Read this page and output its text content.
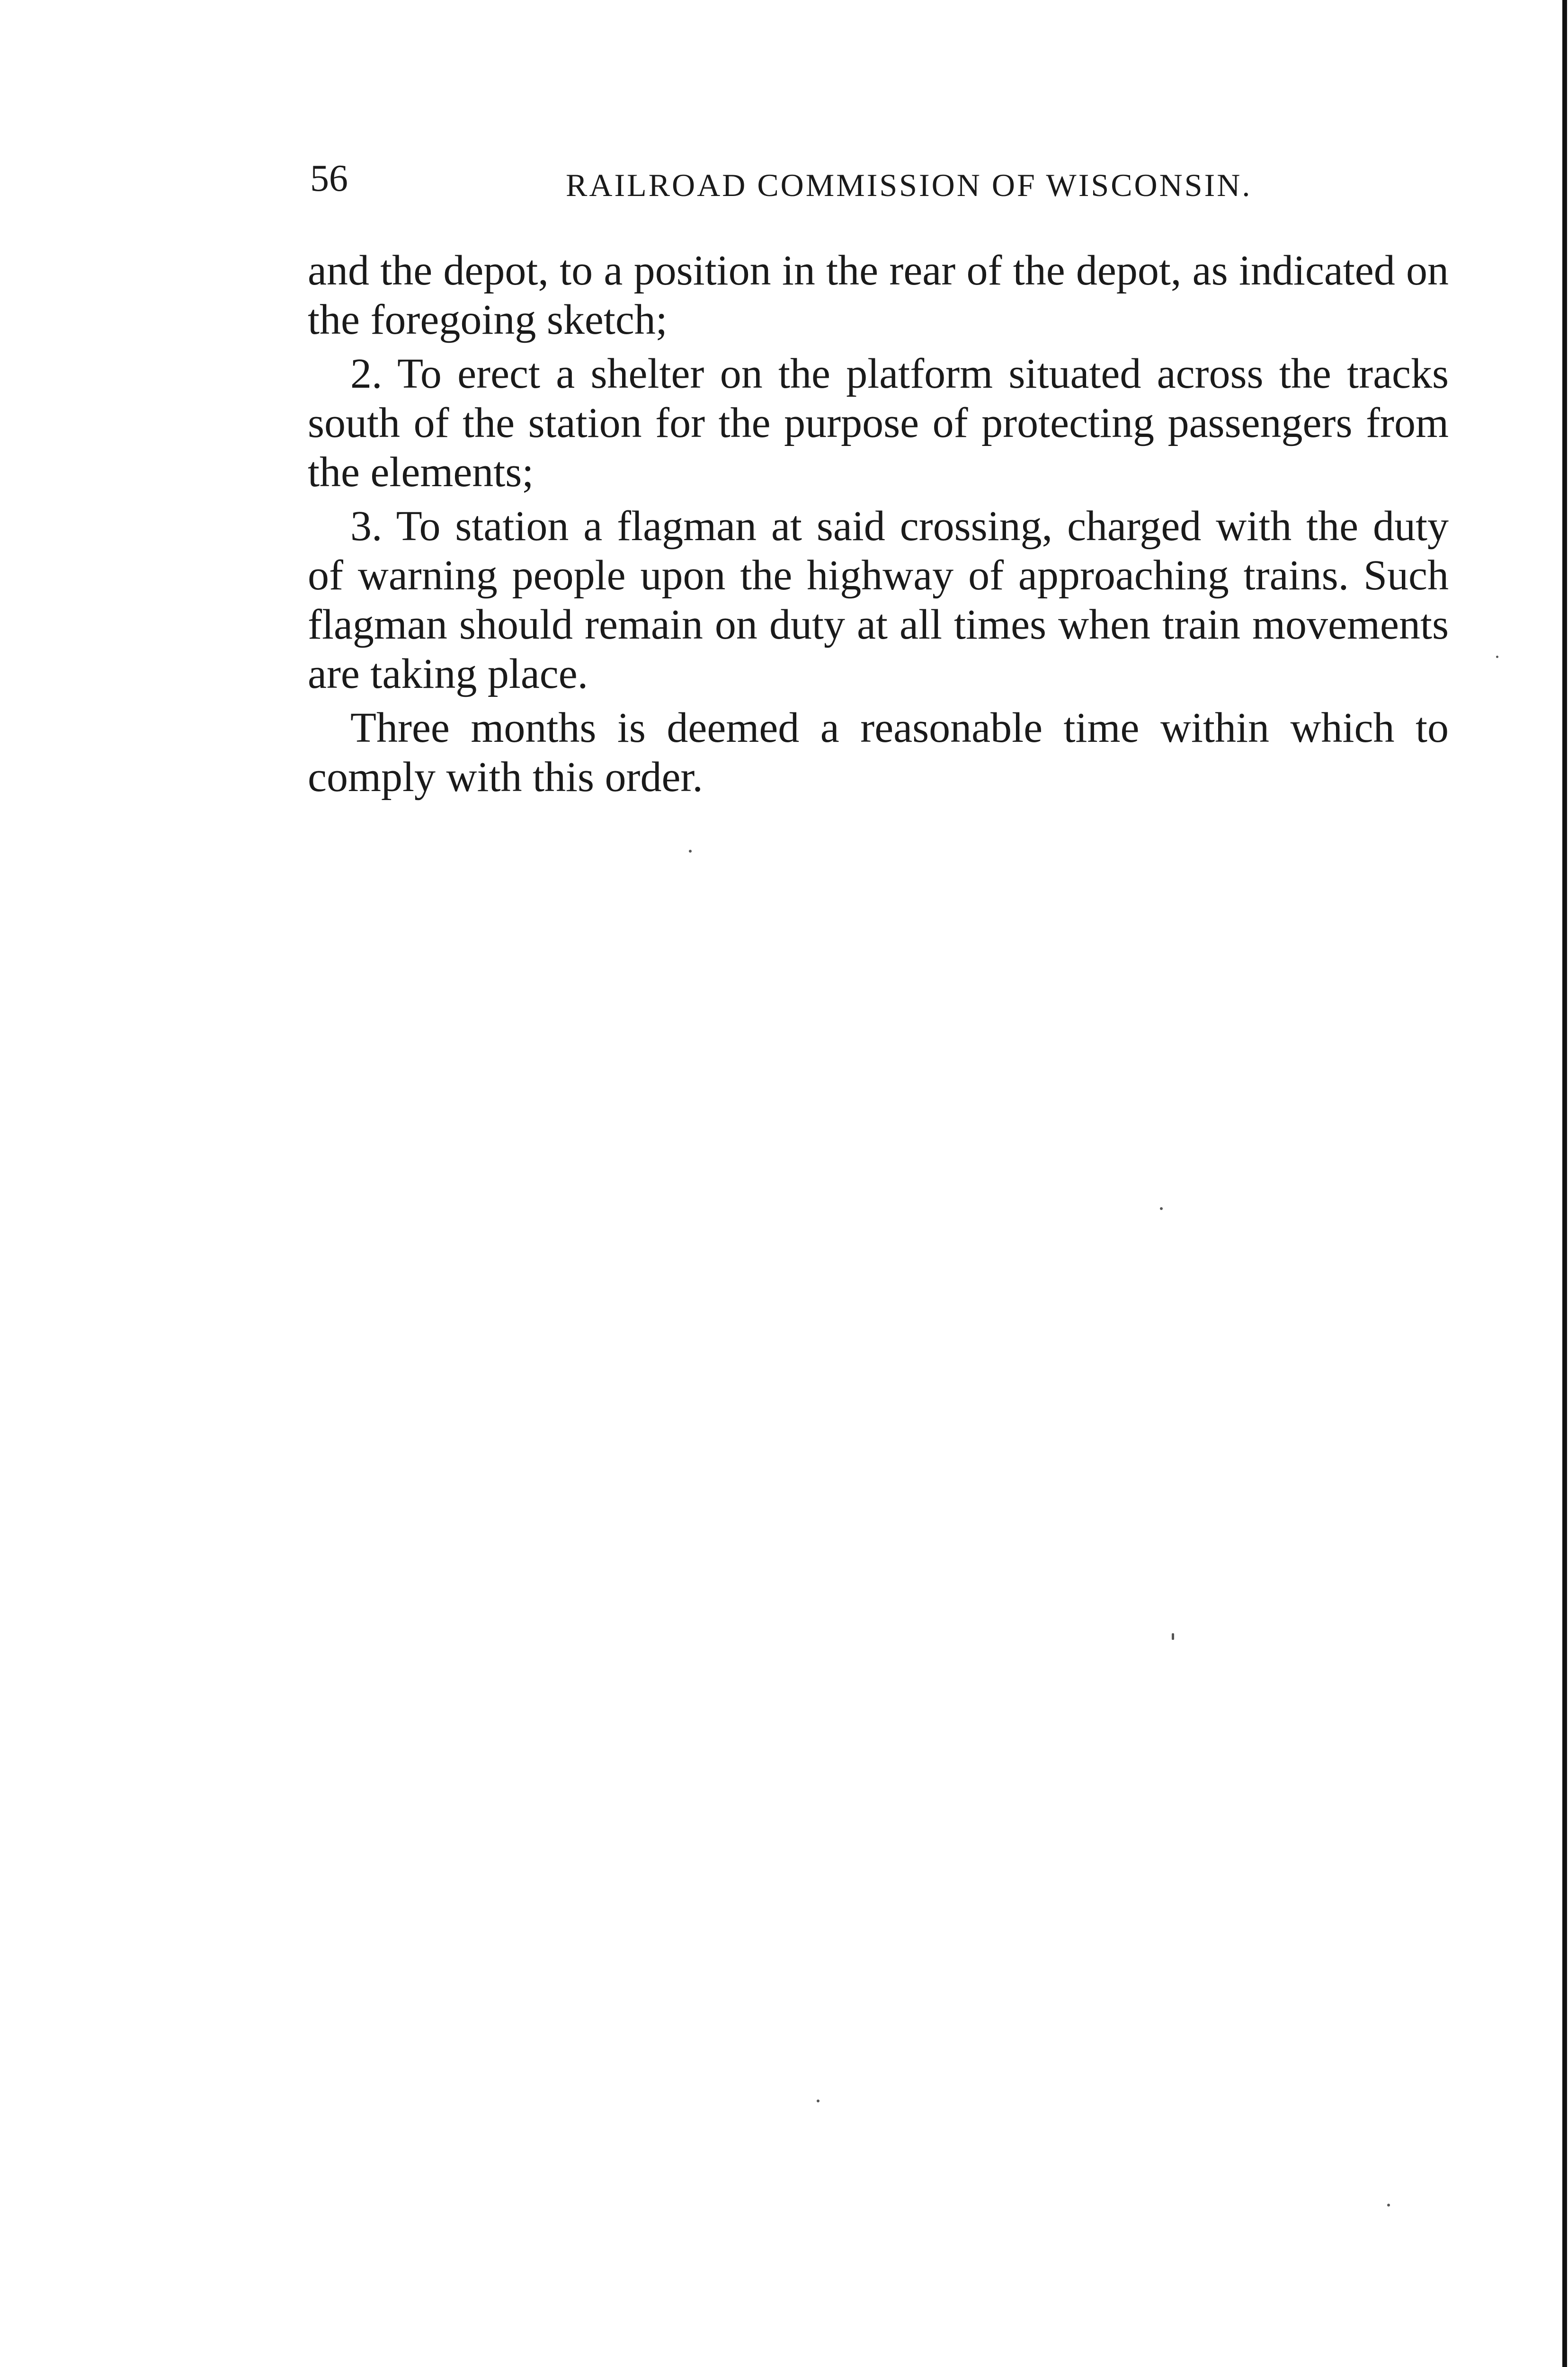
56	RAILROAD COMMISSION OF WISCONSIN.

and the depot, to a position in the rear of the depot, as indicated on the foregoing sketch;

2. To erect a shelter on the platform situated across the tracks south of the station for the purpose of protecting passengers from the elements;

3. To station a flagman at said crossing, charged with the duty of warning people upon the highway of approaching trains. Such flagman should remain on duty at all times when train movements are taking place.

Three months is deemed a reasonable time within which to comply with this order.
